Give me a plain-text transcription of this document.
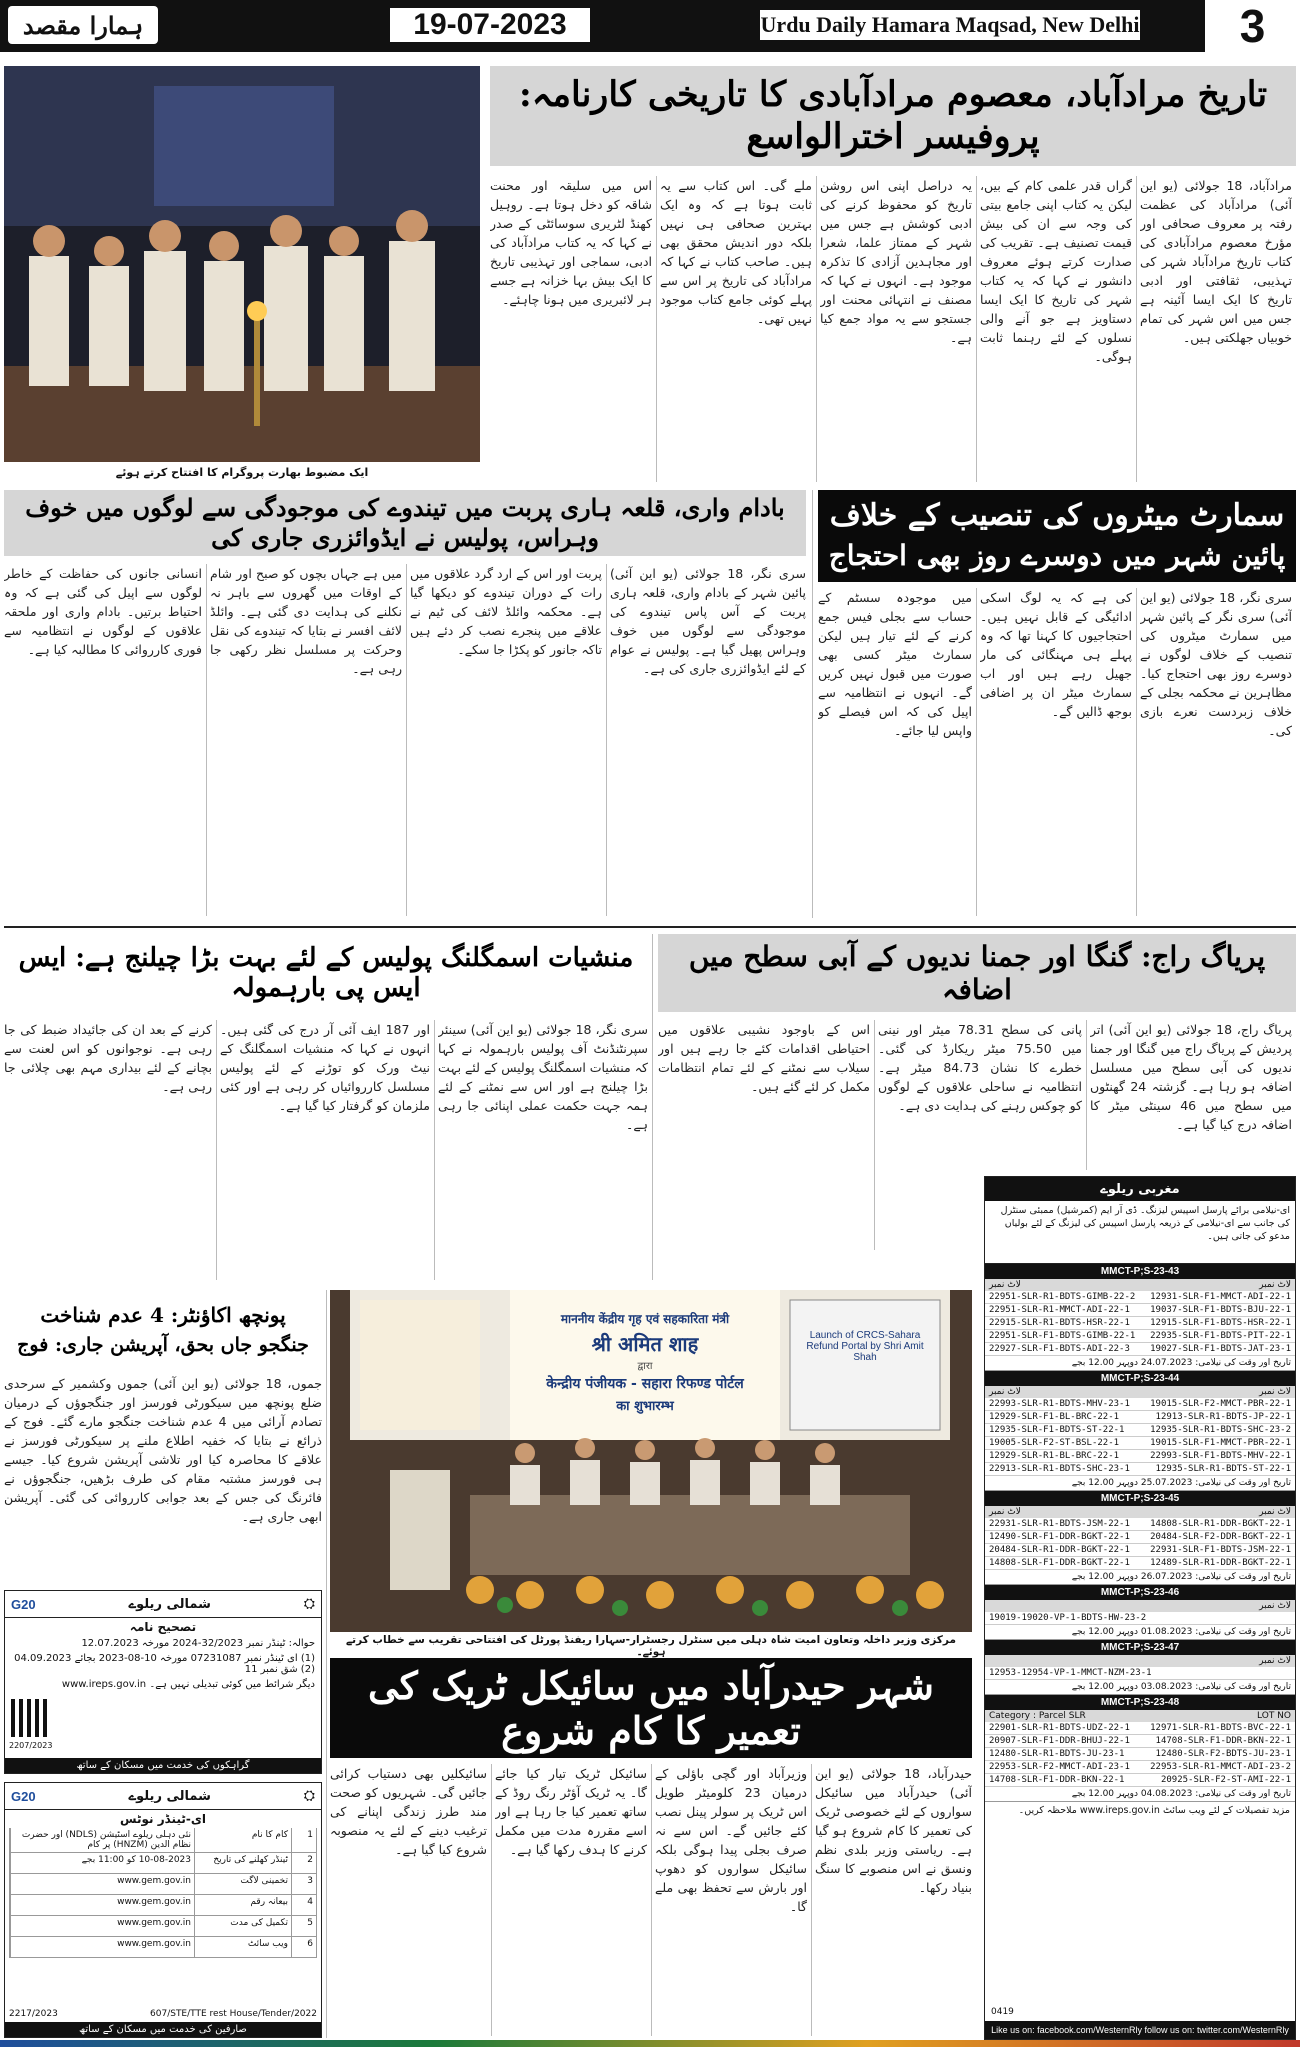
ہمارا مقصد	19-07-2023	Urdu Daily Hamara Maqsad, New Delhi	3
ایک مضبوط بھارت پروگرام کا افتتاح کرتے ہوئے
تاریخ مرادآباد، معصوم مرادآبادی کا تاریخی کارنامہ: پروفیسر اخترالواسع
مرادآباد، 18 جولائی (یو این آئی) مرادآباد کی عظمت رفتہ پر معروف صحافی اور مؤرخ معصوم مرادآبادی کی کتاب تاریخ مرادآباد شہر کی تہذیبی، ثقافتی اور ادبی تاریخ کا ایک ایسا آئینہ ہے جس میں اس شہر کی تمام خوبیاں جھلکتی ہیں۔
گراں قدر علمی کام کے بیں، لیکن یہ کتاب اپنی جامع بیتی کی وجہ سے ان کی بیش قیمت تصنیف ہے۔ تقریب کی صدارت کرتے ہوئے معروف دانشور نے کہا کہ یہ کتاب شہر کی تاریخ کا ایک ایسا دستاویز ہے جو آنے والی نسلوں کے لئے رہنما ثابت ہوگی۔
یہ دراصل اپنی اس روشن تاریخ کو محفوظ کرنے کی ادبی کوشش ہے جس میں شہر کے ممتاز علما، شعرا اور مجاہدین آزادی کا تذکرہ موجود ہے۔ انہوں نے کہا کہ مصنف نے انتہائی محنت اور جستجو سے یہ مواد جمع کیا ہے۔
ملے گی۔ اس کتاب سے یہ ثابت ہوتا ہے کہ وہ ایک بہترین صحافی ہی نہیں بلکہ دور اندیش محقق بھی ہیں۔ صاحب کتاب نے کہا کہ مرادآباد کی تاریخ پر اس سے پہلے کوئی جامع کتاب موجود نہیں تھی۔
اس میں سلیقہ اور محنت شاقہ کو دخل ہوتا ہے۔ روہیل کھنڈ لٹریری سوسائٹی کے صدر نے کہا کہ یہ کتاب مرادآباد کی ادبی، سماجی اور تہذیبی تاریخ کا ایک بیش بہا خزانہ ہے جسے ہر لائبریری میں ہونا چاہئے۔
سمارٹ میٹروں کی تنصیب کے خلاف
پائین شہر میں دوسرے روز بھی احتجاج
سری نگر، 18 جولائی (یو این آئی) سری نگر کے پائین شہر میں سمارٹ میٹروں کی تنصیب کے خلاف لوگوں نے دوسرے روز بھی احتجاج کیا۔ مظاہرین نے محکمہ بجلی کے خلاف زبردست نعرے بازی کی۔
کی ہے کہ یہ لوگ اسکی ادائیگی کے قابل نہیں ہیں۔ احتجاجیوں کا کہنا تھا کہ وہ پہلے ہی مہنگائی کی مار جھیل رہے ہیں اور اب سمارٹ میٹر ان پر اضافی بوجھ ڈالیں گے۔
میں موجودہ سسٹم کے حساب سے بجلی فیس جمع کرنے کے لئے تیار ہیں لیکن سمارٹ میٹر کسی بھی صورت میں قبول نہیں کریں گے۔ انہوں نے انتظامیہ سے اپیل کی کہ اس فیصلے کو واپس لیا جائے۔
بادام واری، قلعہ ہاری پربت میں تیندوے کی موجودگی سے لوگوں میں خوف وہراس، پولیس نے ایڈوائزری جاری کی
سری نگر، 18 جولائی (یو این آئی) پائین شہر کے بادام واری، قلعہ ہاری پربت کے آس پاس تیندوے کی موجودگی سے لوگوں میں خوف وہراس پھیل گیا ہے۔ پولیس نے عوام کے لئے ایڈوائزری جاری کی ہے۔
پربت اور اس کے ارد گرد علاقوں میں رات کے دوران تیندوے کو دیکھا گیا ہے۔ محکمہ وائلڈ لائف کی ٹیم نے علاقے میں پنجرے نصب کر دئے ہیں تاکہ جانور کو پکڑا جا سکے۔
میں ہے جہاں بچوں کو صبح اور شام کے اوقات میں گھروں سے باہر نہ نکلنے کی ہدایت دی گئی ہے۔ وائلڈ لائف افسر نے بتایا کہ تیندوے کی نقل وحرکت پر مسلسل نظر رکھی جا رہی ہے۔
انسانی جانوں کی حفاظت کے خاطر لوگوں سے اپیل کی گئی ہے کہ وہ احتیاط برتیں۔ بادام واری اور ملحقہ علاقوں کے لوگوں نے انتظامیہ سے فوری کارروائی کا مطالبہ کیا ہے۔
پریاگ راج: گنگا اور جمنا ندیوں کے آبی سطح میں اضافہ
پریاگ راج، 18 جولائی (یو این آئی) اتر پردیش کے پریاگ راج میں گنگا اور جمنا ندیوں کی آبی سطح میں مسلسل اضافہ ہو رہا ہے۔ گزشتہ 24 گھنٹوں میں سطح میں 46 سینٹی میٹر کا اضافہ درج کیا گیا ہے۔
پانی کی سطح 78.31 میٹر اور نینی میں 75.50 میٹر ریکارڈ کی گئی۔ خطرے کا نشان 84.73 میٹر ہے۔ انتظامیہ نے ساحلی علاقوں کے لوگوں کو چوکس رہنے کی ہدایت دی ہے۔
اس کے باوجود نشیبی علاقوں میں احتیاطی اقدامات کئے جا رہے ہیں اور سیلاب سے نمٹنے کے لئے تمام انتظامات مکمل کر لئے گئے ہیں۔
منشیات اسمگلنگ پولیس کے لئے بہت بڑا چیلنج ہے: ایس ایس پی بارہمولہ
سری نگر، 18 جولائی (یو این آئی) سینئر سپرنٹنڈنٹ آف پولیس بارہمولہ نے کہا کہ منشیات اسمگلنگ پولیس کے لئے بہت بڑا چیلنج ہے اور اس سے نمٹنے کے لئے ہمہ جہت حکمت عملی اپنائی جا رہی ہے۔
اور 187 ایف آئی آر درج کی گئی ہیں۔ انہوں نے کہا کہ منشیات اسمگلنگ کے نیٹ ورک کو توڑنے کے لئے پولیس مسلسل کارروائیاں کر رہی ہے اور کئی ملزمان کو گرفتار کیا گیا ہے۔
کرنے کے بعد ان کی جائیداد ضبط کی جا رہی ہے۔ نوجوانوں کو اس لعنت سے بچانے کے لئے بیداری مہم بھی چلائی جا رہی ہے۔
پونچھ اکاؤنٹر: 4 عدم شناخت
جنگجو جاں بحق، آپریشن جاری: فوج
جموں، 18 جولائی (یو این آئی) جموں وکشمیر کے سرحدی ضلع پونچھ میں سیکورٹی فورسز اور جنگجوؤں کے درمیان تصادم آرائی میں 4 عدم شناخت جنگجو مارے گئے۔ فوج کے ذرائع نے بتایا کہ خفیہ اطلاع ملنے پر سیکورٹی فورسز نے علاقے کا محاصرہ کیا اور تلاشی آپریشن شروع کیا۔ جیسے ہی فورسز مشتبہ مقام کی طرف بڑھیں، جنگجوؤں نے فائرنگ کی جس کے بعد جوابی کارروائی کی گئی۔ آپریشن ابھی جاری ہے۔
G20	شمالی ریلوے	⛭
تصحیح نامہ
حوالہ: ٹینڈر نمبر 32/2023-2024 مورخہ 12.07.2023
(1) ای ٹینڈر نمبر 07231087 مورخہ 10-08-2023 بجائے 04.09.2023 (2) شق نمبر 11
دیگر شرائط میں کوئی تبدیلی نہیں ہے۔ www.ireps.gov.in
2207/2023
گراہکوں کی خدمت میں مسکان کے ساتھ
G20	شمالی ریلوے	⛭
ای-ٹینڈر نوٹس
1
کام کا نام
نئی دہلی ریلوے اسٹیشن (NDLS) اور حضرت نظام الدین (HNZM) پر کام
2
ٹینڈر کھلنے کی تاریخ
10-08-2023 کو 11:00 بجے
3
تخمینی لاگت
www.gem.gov.in
4
بیعانہ رقم
www.gem.gov.in
5
تکمیل کی مدت
www.gem.gov.in
6
ویب سائٹ
www.gem.gov.in
2217/2023	607/STE/TTE rest House/Tender/2022
صارفین کی خدمت میں مسکان کے ساتھ
माननीय केंद्रीय गृह एवं सहकारिता मंत्री
श्री अमित शाह
द्वारा
केन्द्रीय पंजीयक - सहारा रिफण्ड पोर्टल
का शुभारम्भ
Launch of CRCS-Sahara Refund Portal by Shri Amit Shah
مرکزی وزیر داخلہ وتعاون امیت شاہ دہلی میں سنٹرل رجسٹرار-سہارا ریفنڈ پورٹل کی افتتاحی تقریب سے خطاب کرتے ہوئے۔
شہر حیدرآباد میں سائیکل ٹریک کی تعمیر کا کام شروع
حیدرآباد، 18 جولائی (یو این آئی) حیدرآباد میں سائیکل سواروں کے لئے خصوصی ٹریک کی تعمیر کا کام شروع ہو گیا ہے۔ ریاستی وزیر بلدی نظم ونسق نے اس منصوبے کا سنگ بنیاد رکھا۔
وزیرآباد اور گچی باؤلی کے درمیان 23 کلومیٹر طویل اس ٹریک پر سولر پینل نصب کئے جائیں گے۔ اس سے نہ صرف بجلی پیدا ہوگی بلکہ سائیکل سواروں کو دھوپ اور بارش سے تحفظ بھی ملے گا۔
سائیکل ٹریک تیار کیا جائے گا۔ یہ ٹریک آؤٹر رنگ روڈ کے ساتھ تعمیر کیا جا رہا ہے اور اسے مقررہ مدت میں مکمل کرنے کا ہدف رکھا گیا ہے۔
سائیکلیں بھی دستیاب کرائی جائیں گی۔ شہریوں کو صحت مند طرز زندگی اپنانے کی ترغیب دینے کے لئے یہ منصوبہ شروع کیا گیا ہے۔
مغربی ریلوے
ای-نیلامی برائے پارسل اسپیس لیزنگ۔ ڈی آر ایم (کمرشیل) ممبئی سنٹرل کی جانب سے ای-نیلامی کے ذریعہ پارسل اسپیس کی لیزنگ کے لئے بولیاں مدعو کی جاتی ہیں۔
MMCT-P;S-23-43
لاٹ نمبر
لاٹ نمبر
22951-SLR-R1-BDTS-GIMB-22-2 12931-SLR-F1-MMCT-ADI-22-1
22951-SLR-R1-MMCT-ADI-22-1 19037-SLR-F1-BDTS-BJU-22-1
22915-SLR-R1-BDTS-HSR-22-1 12915-SLR-F1-BDTS-HSR-22-1
22951-SLR-F1-BDTS-GIMB-22-1 22935-SLR-F1-BDTS-PIT-22-1
22927-SLR-F1-BDTS-ADI-22-3 19027-SLR-F1-BDTS-JAT-23-1
تاریخ اور وقت کی نیلامی: 24.07.2023 دوپہر 12.00 بجے
MMCT-P;S-23-44
لاٹ نمبر
لاٹ نمبر
22993-SLR-R1-BDTS-MHV-23-1 19015-SLR-F2-MMCT-PBR-22-1
12929-SLR-F1-BL-BRC-22-1	12913-SLR-R1-BDTS-JP-22-1
12935-SLR-F1-BDTS-ST-22-1	12935-SLR-R1-BDTS-SHC-23-2
19005-SLR-F2-ST-BSL-22-1	19015-SLR-F1-MMCT-PBR-22-1
12929-SLR-R1-BL-BRC-22-1	22993-SLR-F1-BDTS-MHV-22-1
22913-SLR-R1-BDTS-SHC-23-1	12935-SLR-R1-BDTS-ST-22-1
تاریخ اور وقت کی نیلامی: 25.07.2023 دوپہر 12.00 بجے
MMCT-P;S-23-45
لاٹ نمبر
لاٹ نمبر
22931-SLR-R1-BDTS-JSM-22-1 14808-SLR-R1-DDR-BGKT-22-1
12490-SLR-F1-DDR-BGKT-22-1 20484-SLR-F2-DDR-BGKT-22-1
20484-SLR-R1-DDR-BGKT-22-1 22931-SLR-F1-BDTS-JSM-22-1
14808-SLR-F1-DDR-BGKT-22-1 12489-SLR-R1-DDR-BGKT-22-1
تاریخ اور وقت کی نیلامی: 26.07.2023 دوپہر 12.00 بجے
MMCT-P;S-23-46
لاٹ نمبر
19019-19020-VP-1-BDTS-HW-23-2
تاریخ اور وقت کی نیلامی: 01.08.2023 دوپہر 12.00 بجے
MMCT-P;S-23-47
لاٹ نمبر
12953-12954-VP-1-MMCT-NZM-23-1
تاریخ اور وقت کی نیلامی: 03.08.2023 دوپہر 12.00 بجے
MMCT-P;S-23-48
LOT NO
Category : Parcel SLR
22901-SLR-R1-BDTS-UDZ-22-1 12971-SLR-R1-BDTS-BVC-22-1
20907-SLR-F1-DDR-BHUJ-22-1	14708-SLR-F1-DDR-BKN-22-1
12480-SLR-R1-BDTS-JU-23-1	12480-SLR-F2-BDTS-JU-23-1
22953-SLR-F2-MMCT-ADI-23-1 22953-SLR-R1-MMCT-ADI-23-2
14708-SLR-F1-DDR-BKN-22-1	20925-SLR-F2-ST-AMI-22-1
تاریخ اور وقت کی نیلامی: 04.08.2023 دوپہر 12.00 بجے
مزید تفصیلات کے لئے ویب سائٹ www.ireps.gov.in ملاحظہ کریں۔
0419
Like us on: facebook.com/WesternRly follow us on: twitter.com/WesternRly
